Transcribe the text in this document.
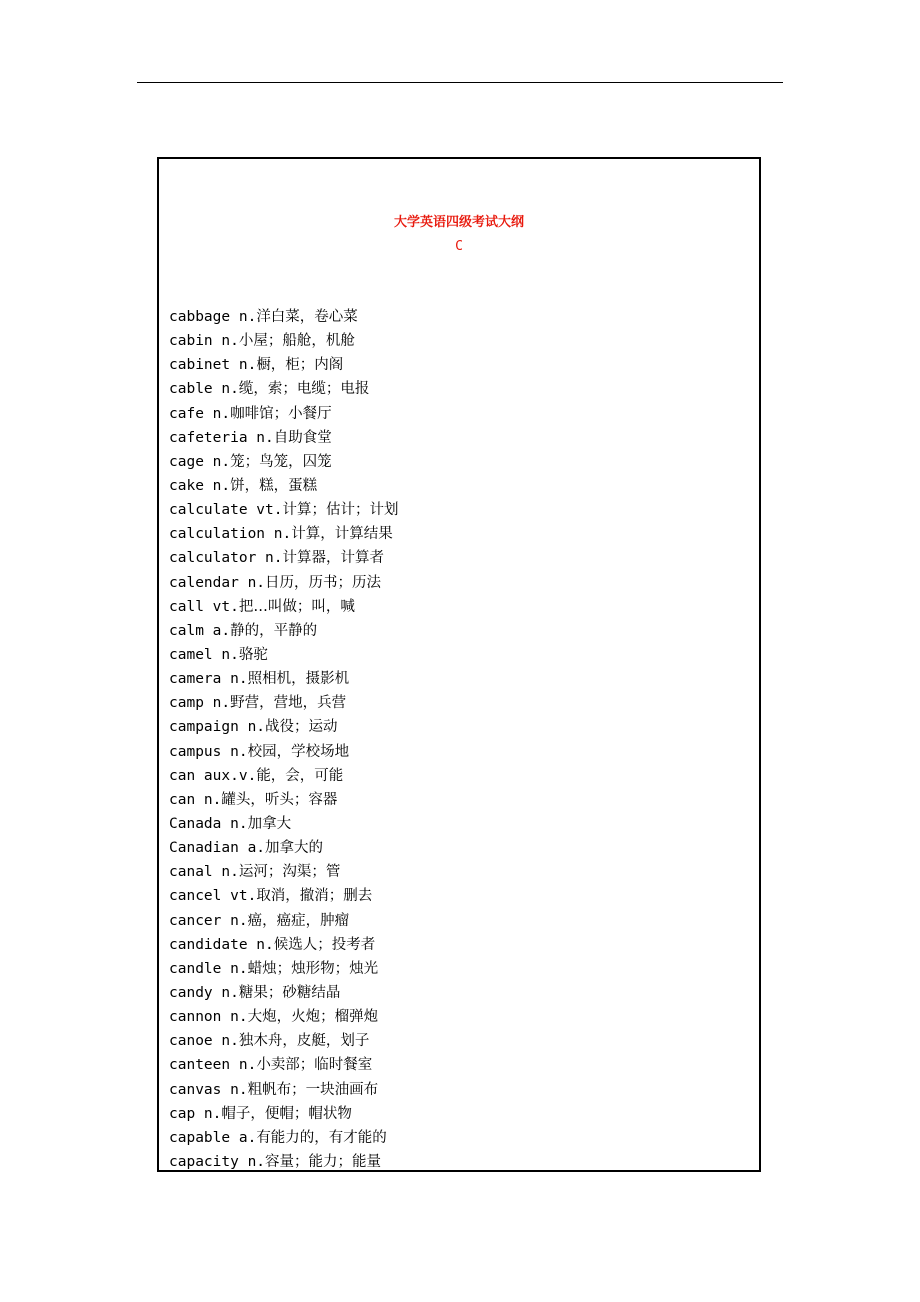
大学英语四级考试大纲
C
cabbage n.洋白菜，卷心菜
cabin n.小屋；船舱，机舱
cabinet n.橱，柜；内阁
cable n.缆，索；电缆；电报
cafe n.咖啡馆；小餐厅
cafeteria n.自助食堂
cage n.笼；鸟笼，囚笼
cake n.饼，糕，蛋糕
calculate vt.计算；估计；计划
calculation n.计算，计算结果
calculator n.计算器，计算者
calendar n.日历，历书；历法
call vt.把…叫做；叫，喊
calm a.静的，平静的
camel n.骆驼
camera n.照相机，摄影机
camp n.野营，营地，兵营
campaign n.战役；运动
campus n.校园，学校场地
can aux.v.能，会，可能
can n.罐头，听头；容器
Canada n.加拿大
Canadian a.加拿大的
canal n.运河；沟渠；管
cancel vt.取消，撤消；删去
cancer n.癌，癌症，肿瘤
candidate n.候选人；投考者
candle n.蜡烛；烛形物；烛光
candy n.糖果；砂糖结晶
cannon n.大炮，火炮；榴弹炮
canoe n.独木舟，皮艇，划子
canteen n.小卖部；临时餐室
canvas n.粗帆布；一块油画布
cap n.帽子，便帽；帽状物
capable a.有能力的，有才能的
capacity n.容量；能力；能量
